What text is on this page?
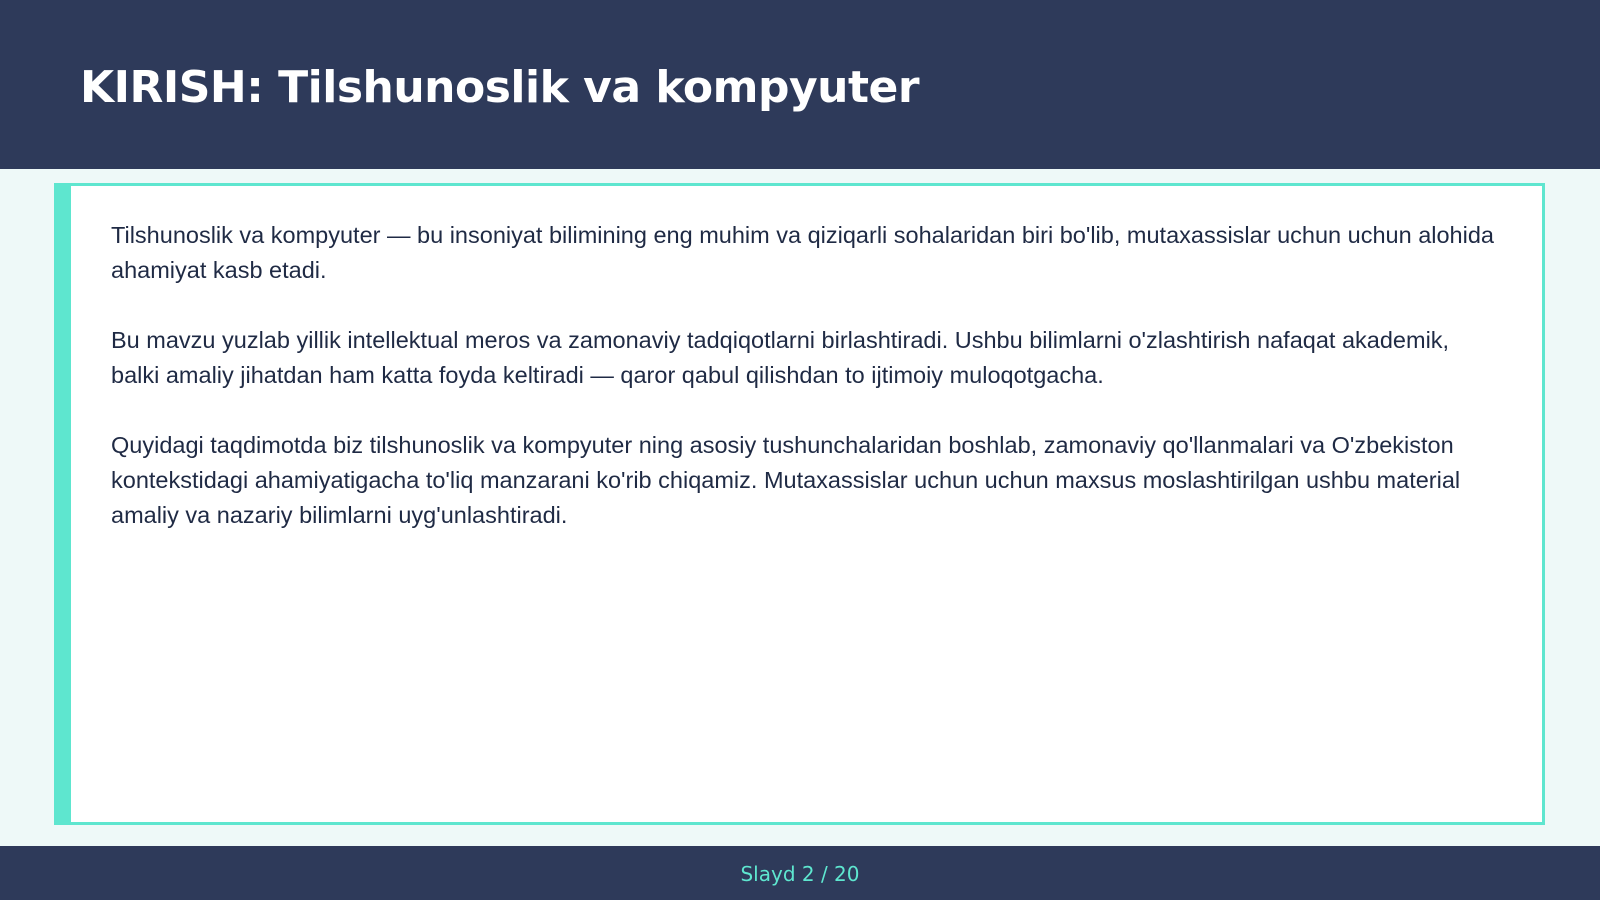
KIRISH: Tilshunoslik va kompyuter

Tilshunoslik va kompyuter — bu insoniyat bilimining eng muhim va qiziqarli sohalaridan biri bo'lib, mutaxassislar uchun uchun alohida ahamiyat kasb etadi.

Bu mavzu yuzlab yillik intellektual meros va zamonaviy tadqiqotlarni birlashtiradi. Ushbu bilimlarni o'zlashtirish nafaqat akademik, balki amaliy jihatdan ham katta foyda keltiradi — qaror qabul qilishdan to ijtimoiy muloqotgacha.

Quyidagi taqdimotda biz tilshunoslik va kompyuter ning asosiy tushunchalaridan boshlab, zamonaviy qo'llanmalari va O'zbekiston kontekstidagi ahamiyatigacha to'liq manzarani ko'rib chiqamiz. Mutaxassislar uchun uchun maxsus moslashtirilgan ushbu material amaliy va nazariy bilimlarni uyg'unlashtiradi.

Slayd 2 / 20
